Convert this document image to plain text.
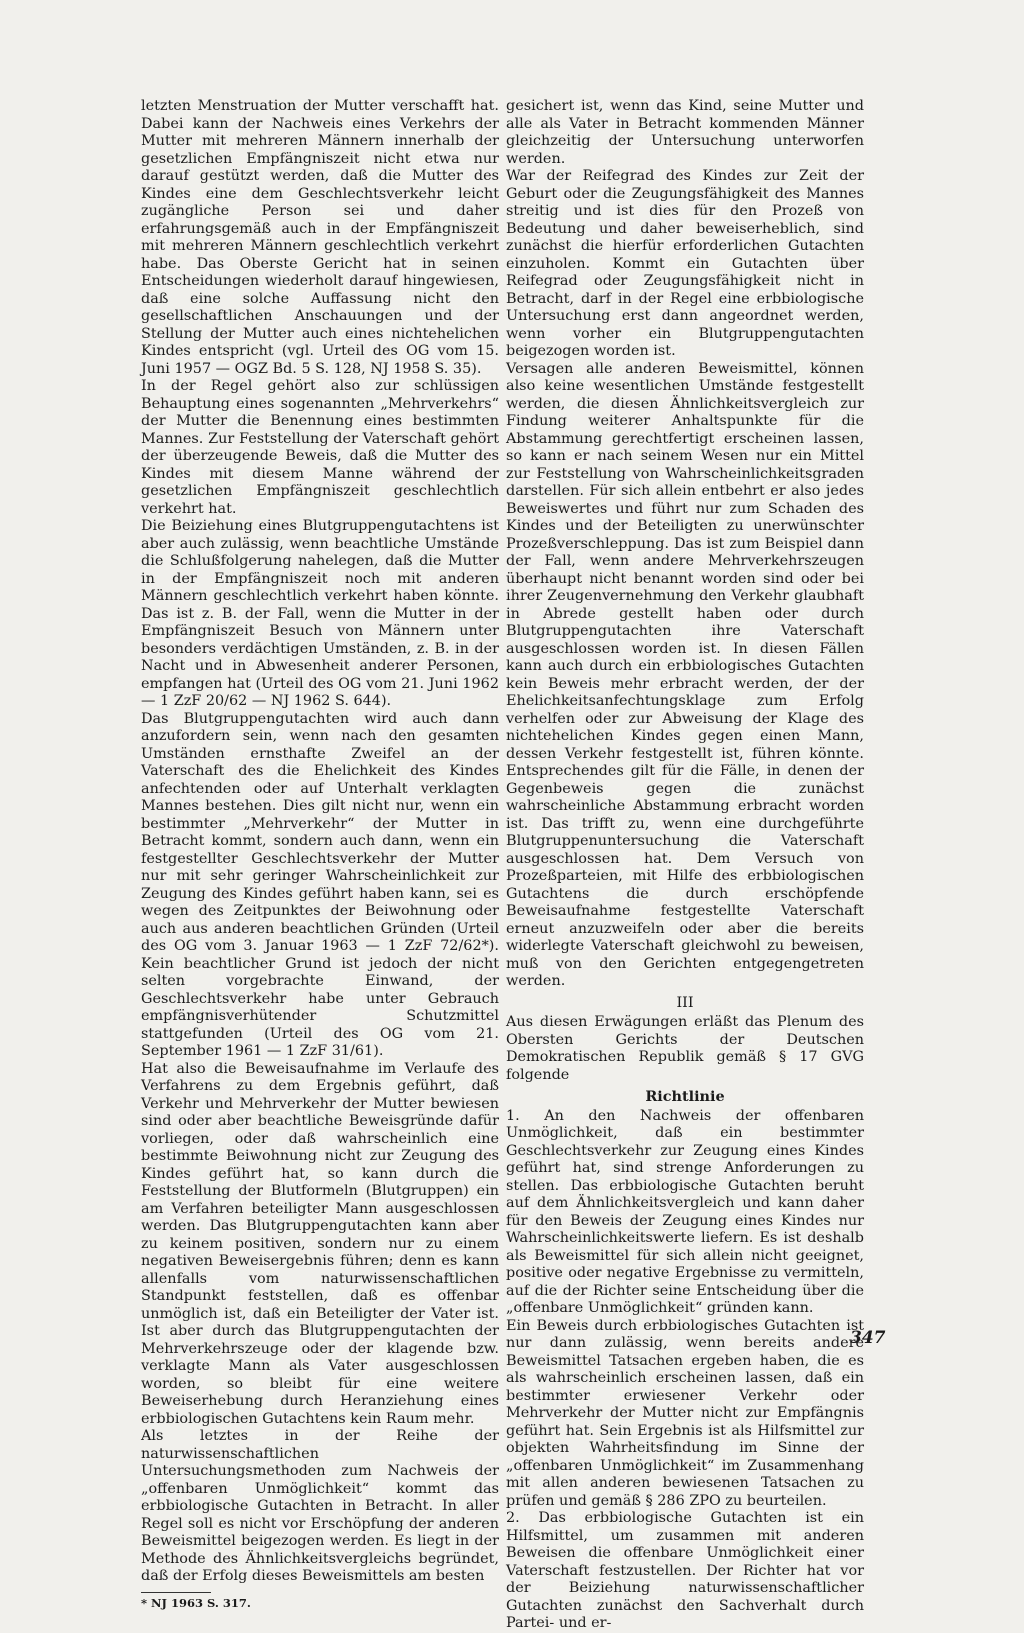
letzten Menstruation der Mutter verschafft hat. Dabei kann der Nachweis eines Verkehrs der Mutter mit mehreren Männern innerhalb der gesetzlichen Empfängniszeit nicht etwa nur darauf gestützt werden, daß die Mutter des Kindes eine dem Geschlechtsverkehr leicht zugängliche Person sei und daher erfahrungsgemäß auch in der Empfängniszeit mit mehreren Männern geschlechtlich verkehrt habe. Das Oberste Gericht hat in seinen Entscheidungen wiederholt darauf hingewiesen, daß eine solche Auffassung nicht den gesellschaftlichen Anschauungen und der Stellung der Mutter auch eines nichtehelichen Kindes entspricht (vgl. Urteil des OG vom 15. Juni 1957 — OGZ Bd. 5 S. 128, NJ 1958 S. 35).

In der Regel gehört also zur schlüssigen Behauptung eines sogenannten „Mehrverkehrs“ der Mutter die Benennung eines bestimmten Mannes. Zur Feststellung der Vaterschaft gehört der überzeugende Beweis, daß die Mutter des Kindes mit diesem Manne während der gesetzlichen Empfängniszeit geschlechtlich verkehrt hat.

Die Beiziehung eines Blutgruppengutachtens ist aber auch zulässig, wenn beachtliche Umstände die Schlußfolgerung nahelegen, daß die Mutter in der Empfängniszeit noch mit anderen Männern geschlechtlich verkehrt haben könnte. Das ist z. B. der Fall, wenn die Mutter in der Empfängniszeit Besuch von Männern unter besonders verdächtigen Umständen, z. B. in der Nacht und in Abwesenheit anderer Personen, empfangen hat (Urteil des OG vom 21. Juni 1962 — 1 ZzF 20/62 — NJ 1962 S. 644).

Das Blutgruppengutachten wird auch dann anzufordern sein, wenn nach den gesamten Umständen ernsthafte Zweifel an der Vaterschaft des die Ehelichkeit des Kindes anfechtenden oder auf Unterhalt verklagten Mannes bestehen. Dies gilt nicht nur, wenn ein bestimmter „Mehrverkehr“ der Mutter in Betracht kommt, sondern auch dann, wenn ein festgestellter Geschlechtsverkehr der Mutter nur mit sehr geringer Wahrscheinlichkeit zur Zeugung des Kindes geführt haben kann, sei es wegen des Zeitpunktes der Beiwohnung oder auch aus anderen beachtlichen Gründen (Urteil des OG vom 3. Januar 1963 — 1 ZzF 72/62*). Kein beachtlicher Grund ist jedoch der nicht selten vorgebrachte Einwand, der Geschlechtsverkehr habe unter Gebrauch empfängnisverhütender Schutzmittel stattgefunden (Urteil des OG vom 21. September 1961 — 1 ZzF 31/61).

Hat also die Beweisaufnahme im Verlaufe des Verfahrens zu dem Ergebnis geführt, daß Verkehr und Mehrverkehr der Mutter bewiesen sind oder aber beachtliche Beweisgründe dafür vorliegen, oder daß wahrscheinlich eine bestimmte Beiwohnung nicht zur Zeugung des Kindes geführt hat, so kann durch die Feststellung der Blutformeln (Blutgruppen) ein am Verfahren beteiligter Mann ausgeschlossen werden. Das Blutgruppengutachten kann aber zu keinem positiven, sondern nur zu einem negativen Beweisergebnis führen; denn es kann allenfalls vom naturwissenschaftlichen Standpunkt feststellen, daß es offenbar unmöglich ist, daß ein Beteiligter der Vater ist. Ist aber durch das Blutgruppengutachten der Mehrverkehrszeuge oder der klagende bzw. verklagte Mann als Vater ausgeschlossen worden, so bleibt für eine weitere Beweiserhebung durch Heranziehung eines erbbiologischen Gutachtens kein Raum mehr.

Als letztes in der Reihe der naturwissenschaftlichen Untersuchungsmethoden zum Nachweis der „offenbaren Unmöglichkeit“ kommt das erbbiologische Gutachten in Betracht. In aller Regel soll es nicht vor Erschöpfung der anderen Beweismittel beigezogen werden. Es liegt in der Methode des Ähnlichkeitsvergleichs begründet, daß der Erfolg dieses Beweismittels am besten

* NJ 1963 S. 317.

gesichert ist, wenn das Kind, seine Mutter und alle als Vater in Betracht kommenden Männer gleichzeitig der Untersuchung unterworfen werden.

War der Reifegrad des Kindes zur Zeit der Geburt oder die Zeugungsfähigkeit des Mannes streitig und ist dies für den Prozeß von Bedeutung und daher beweiserheblich, sind zunächst die hierfür erforderlichen Gutachten einzuholen. Kommt ein Gutachten über Reifegrad oder Zeugungsfähigkeit nicht in Betracht, darf in der Regel eine erbbiologische Untersuchung erst dann angeordnet werden, wenn vorher ein Blutgruppengutachten beigezogen worden ist.

Versagen alle anderen Beweismittel, können also keine wesentlichen Umstände festgestellt werden, die diesen Ähnlichkeitsvergleich zur Findung weiterer Anhaltspunkte für die Abstammung gerechtfertigt erscheinen lassen, so kann er nach seinem Wesen nur ein Mittel zur Feststellung von Wahrscheinlichkeitsgraden darstellen. Für sich allein entbehrt er also jedes Beweiswertes und führt nur zum Schaden des Kindes und der Beteiligten zu unerwünschter Prozeßverschleppung. Das ist zum Beispiel dann der Fall, wenn andere Mehrverkehrszeugen überhaupt nicht benannt worden sind oder bei ihrer Zeugenvernehmung den Verkehr glaubhaft in Abrede gestellt haben oder durch Blutgruppengutachten ihre Vaterschaft ausgeschlossen worden ist. In diesen Fällen kann auch durch ein erbbiologisches Gutachten kein Beweis mehr erbracht werden, der der Ehelichkeitsanfechtungsklage zum Erfolg verhelfen oder zur Abweisung der Klage des nichtehelichen Kindes gegen einen Mann, dessen Verkehr festgestellt ist, führen könnte. Entsprechendes gilt für die Fälle, in denen der Gegenbeweis gegen die zunächst wahrscheinliche Abstammung erbracht worden ist. Das trifft zu, wenn eine durchgeführte Blutgruppenuntersuchung die Vaterschaft ausgeschlossen hat. Dem Versuch von Prozeßparteien, mit Hilfe des erbbiologischen Gutachtens die durch erschöpfende Beweisaufnahme festgestellte Vaterschaft erneut anzuzweifeln oder aber die bereits widerlegte Vaterschaft gleichwohl zu beweisen, muß von den Gerichten entgegengetreten werden.

III

Aus diesen Erwägungen erläßt das Plenum des Obersten Gerichts der Deutschen Demokratischen Republik gemäß § 17 GVG folgende

Richtlinie

1. An den Nachweis der offenbaren Unmöglichkeit, daß ein bestimmter Geschlechtsverkehr zur Zeugung eines Kindes geführt hat, sind strenge Anforderungen zu stellen. Das erbbiologische Gutachten beruht auf dem Ähnlichkeitsvergleich und kann daher für den Beweis der Zeugung eines Kindes nur Wahrscheinlichkeitswerte liefern. Es ist deshalb als Beweismittel für sich allein nicht geeignet, positive oder negative Ergebnisse zu vermitteln, auf die der Richter seine Entscheidung über die „offenbare Unmöglichkeit“ gründen kann.

Ein Beweis durch erbbiologisches Gutachten ist nur dann zulässig, wenn bereits andere Beweismittel Tatsachen ergeben haben, die es als wahrscheinlich erscheinen lassen, daß ein bestimmter erwiesener Verkehr oder Mehrverkehr der Mutter nicht zur Empfängnis geführt hat. Sein Ergebnis ist als Hilfsmittel zur objekten Wahrheitsfindung im Sinne der „offenbaren Unmöglichkeit“ im Zusammenhang mit allen anderen bewiesenen Tatsachen zu prüfen und gemäß § 286 ZPO zu beurteilen.

2. Das erbbiologische Gutachten ist ein Hilfsmittel, um zusammen mit anderen Beweisen die offenbare Unmöglichkeit einer Vaterschaft festzustellen. Der Richter hat vor der Beiziehung naturwissenschaftlicher Gutachten zunächst den Sachverhalt durch Partei- und er-

347
